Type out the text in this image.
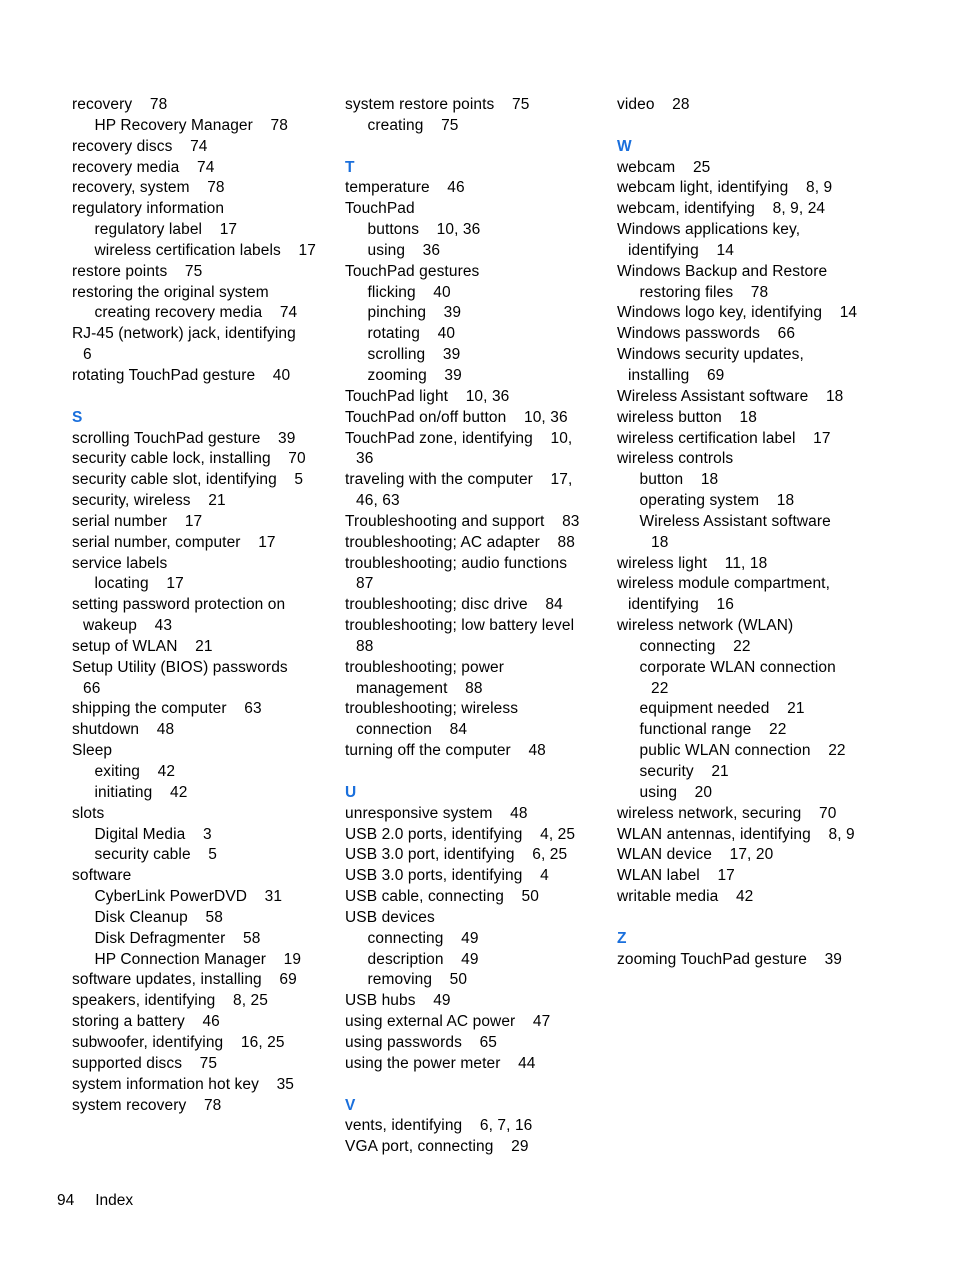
recovery    78
HP Recovery Manager    78
recovery discs    74
recovery media    74
recovery, system    78
regulatory information
regulatory label    17
wireless certification labels    17
restore points    75
restoring the original system
creating recovery media    74
RJ-45 (network) jack, identifying
6
rotating TouchPad gesture    40
S
scrolling TouchPad gesture    39
security cable lock, installing    70
security cable slot, identifying    5
security, wireless    21
serial number    17
serial number, computer    17
service labels
locating    17
setting password protection on
wakeup    43
setup of WLAN    21
Setup Utility (BIOS) passwords
66
shipping the computer    63
shutdown    48
Sleep
exiting    42
initiating    42
slots
Digital Media    3
security cable    5
software
CyberLink PowerDVD    31
Disk Cleanup    58
Disk Defragmenter    58
HP Connection Manager    19
software updates, installing    69
speakers, identifying    8, 25
storing a battery    46
subwoofer, identifying    16, 25
supported discs    75
system information hot key    35
system recovery    78
system restore points    75
creating    75
T
temperature    46
TouchPad
buttons    10, 36
using    36
TouchPad gestures
flicking    40
pinching    39
rotating    40
scrolling    39
zooming    39
TouchPad light    10, 36
TouchPad on/off button    10, 36
TouchPad zone, identifying    10,
36
traveling with the computer    17,
46, 63
Troubleshooting and support    83
troubleshooting; AC adapter    88
troubleshooting; audio functions
87
troubleshooting; disc drive    84
troubleshooting; low battery level
88
troubleshooting; power
management    88
troubleshooting; wireless
connection    84
turning off the computer    48
U
unresponsive system    48
USB 2.0 ports, identifying    4, 25
USB 3.0 port, identifying    6, 25
USB 3.0 ports, identifying    4
USB cable, connecting    50
USB devices
connecting    49
description    49
removing    50
USB hubs    49
using external AC power    47
using passwords    65
using the power meter    44
V
vents, identifying    6, 7, 16
VGA port, connecting    29
video    28
W
webcam    25
webcam light, identifying    8, 9
webcam, identifying    8, 9, 24
Windows applications key,
identifying    14
Windows Backup and Restore
restoring files    78
Windows logo key, identifying    14
Windows passwords    66
Windows security updates,
installing    69
Wireless Assistant software    18
wireless button    18
wireless certification label    17
wireless controls
button    18
operating system    18
Wireless Assistant software
18
wireless light    11, 18
wireless module compartment,
identifying    16
wireless network (WLAN)
connecting    22
corporate WLAN connection
22
equipment needed    21
functional range    22
public WLAN connection    22
security    21
using    20
wireless network, securing    70
WLAN antennas, identifying    8, 9
WLAN device    17, 20
WLAN label    17
writable media    42
Z
zooming TouchPad gesture    39
94 Index
